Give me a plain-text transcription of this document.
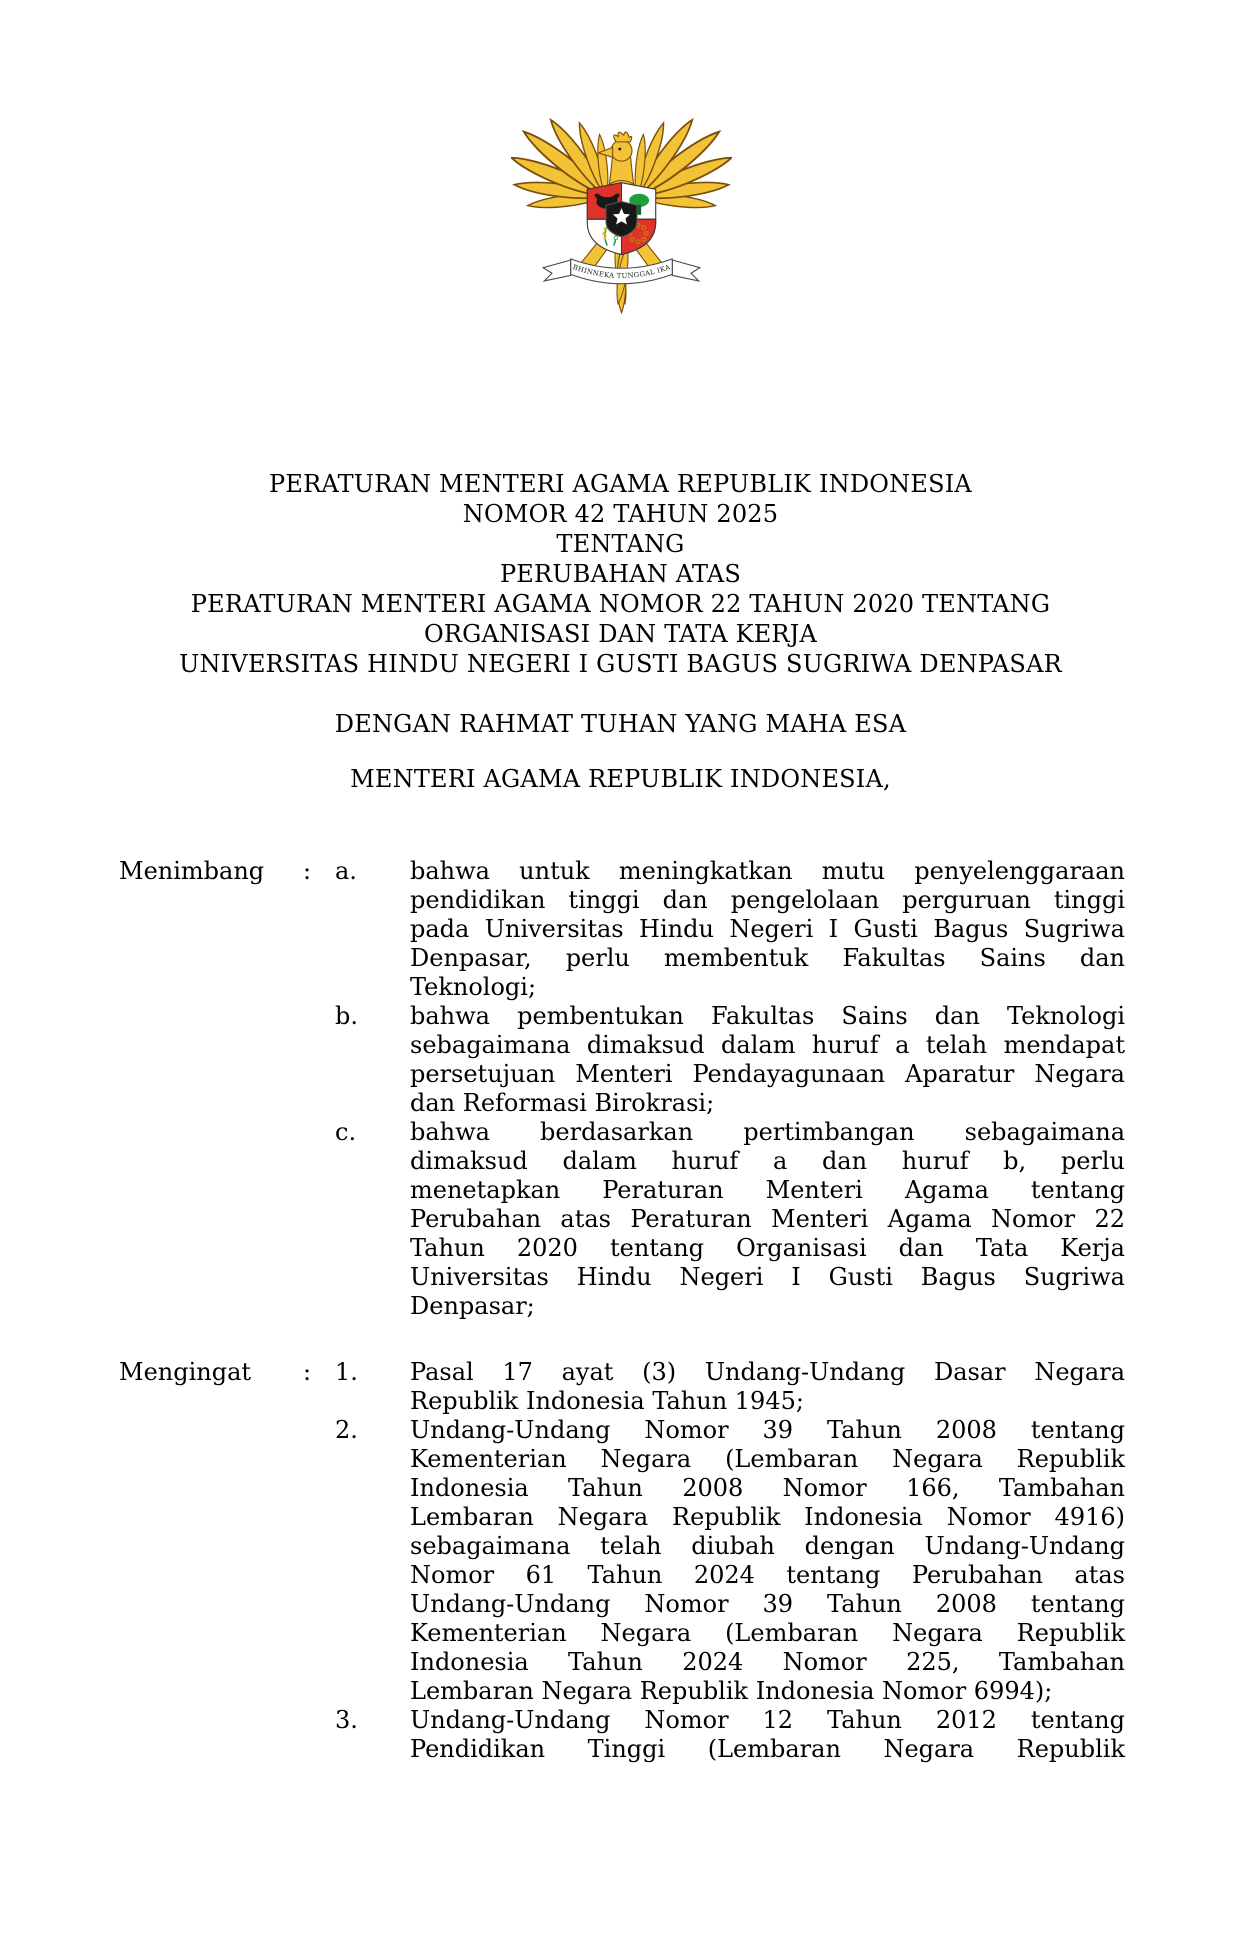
BHINNEKA TUNGGAL IKA
PERATURAN MENTERI AGAMA REPUBLIK INDONESIA
NOMOR 42 TAHUN 2025
TENTANG
PERUBAHAN ATAS
PERATURAN MENTERI AGAMA NOMOR 22 TAHUN 2020 TENTANG
ORGANISASI DAN TATA KERJA
UNIVERSITAS HINDU NEGERI I GUSTI BAGUS SUGRIWA DENPASAR
DENGAN RAHMAT TUHAN YANG MAHA ESA
MENTERI AGAMA REPUBLIK INDONESIA,
Menimbang	: a.	bahwa untuk meningkatkan mutu penyelenggaraan
pendidikan tinggi dan pengelolaan perguruan tinggi
pada Universitas Hindu Negeri I Gusti Bagus Sugriwa
Denpasar, perlu membentuk Fakultas Sains dan
Teknologi;
b.	bahwa pembentukan Fakultas Sains dan Teknologi
sebagaimana dimaksud dalam huruf a telah mendapat
persetujuan Menteri Pendayagunaan Aparatur Negara
dan Reformasi Birokrasi;
c.	bahwa berdasarkan pertimbangan sebagaimana
dimaksud dalam huruf a dan huruf b, perlu
menetapkan Peraturan Menteri Agama tentang
Perubahan atas Peraturan Menteri Agama Nomor 22
Tahun 2020 tentang Organisasi dan Tata Kerja
Universitas Hindu Negeri I Gusti Bagus Sugriwa
Denpasar;
Mengingat	: 1.	Pasal 17 ayat (3) Undang-Undang Dasar Negara
Republik Indonesia Tahun 1945;
2.	Undang-Undang Nomor 39 Tahun 2008 tentang
Kementerian Negara (Lembaran Negara Republik
Indonesia Tahun 2008 Nomor 166, Tambahan
Lembaran Negara Republik Indonesia Nomor 4916)
sebagaimana telah diubah dengan Undang-Undang
Nomor 61 Tahun 2024 tentang Perubahan atas
Undang-Undang Nomor 39 Tahun 2008 tentang
Kementerian Negara (Lembaran Negara Republik
Indonesia Tahun 2024 Nomor 225, Tambahan
Lembaran Negara Republik Indonesia Nomor 6994);
3.	Undang-Undang Nomor 12 Tahun 2012 tentang
Pendidikan Tinggi (Lembaran Negara Republik
